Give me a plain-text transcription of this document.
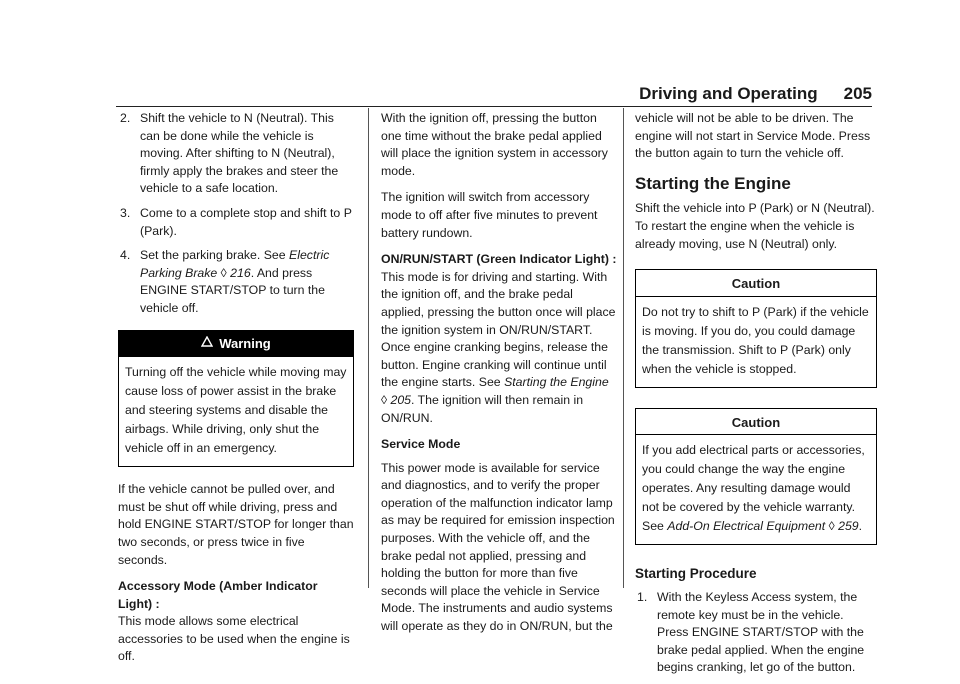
Driving and Operating 205
2. Shift the vehicle to N (Neutral). This can be done while the vehicle is moving. After shifting to N (Neutral), firmly apply the brakes and steer the vehicle to a safe location.
3. Come to a complete stop and shift to P (Park).
4. Set the parking brake. See Electric Parking Brake ◊ 216. And press ENGINE START/STOP to turn the vehicle off.
Warning
Turning off the vehicle while moving may cause loss of power assist in the brake and steering systems and disable the airbags. While driving, only shut the vehicle off in an emergency.

If the vehicle cannot be pulled over, and must be shut off while driving, press and hold ENGINE START/STOP for longer than two seconds, or press twice in five seconds.

Accessory Mode (Amber Indicator Light) :
This mode allows some electrical accessories to be used when the engine is off.

With the ignition off, pressing the button one time without the brake pedal applied will place the ignition system in accessory mode.

The ignition will switch from accessory mode to off after five minutes to prevent battery rundown.

ON/RUN/START (Green Indicator Light) : This mode is for driving and starting. With the ignition off, and the brake pedal applied, pressing the button once will place the ignition system in ON/RUN/START. Once engine cranking begins, release the button. Engine cranking will continue until the engine starts. See Starting the Engine ◊ 205. The ignition will then remain in ON/RUN.

Service Mode

This power mode is available for service and diagnostics, and to verify the proper operation of the malfunction indicator lamp as may be required for emission inspection purposes. With the vehicle off, and the brake pedal not applied, pressing and holding the button for more than five seconds will place the vehicle in Service Mode. The instruments and audio systems will operate as they do in ON/RUN, but the

vehicle will not be able to be driven. The engine will not start in Service Mode. Press the button again to turn the vehicle off.

Starting the Engine

Shift the vehicle into P (Park) or N (Neutral). To restart the engine when the vehicle is already moving, use N (Neutral) only.

Caution
Do not try to shift to P (Park) if the vehicle is moving. If you do, you could damage the transmission. Shift to P (Park) only when the vehicle is stopped.
Caution
If you add electrical parts or accessories, you could change the way the engine operates. Any resulting damage would not be covered by the vehicle warranty. See Add-On Electrical Equipment ◊ 259.
Starting Procedure
1. With the Keyless Access system, the remote key must be in the vehicle. Press ENGINE START/STOP with the brake pedal applied. When the engine begins cranking, let go of the button.
